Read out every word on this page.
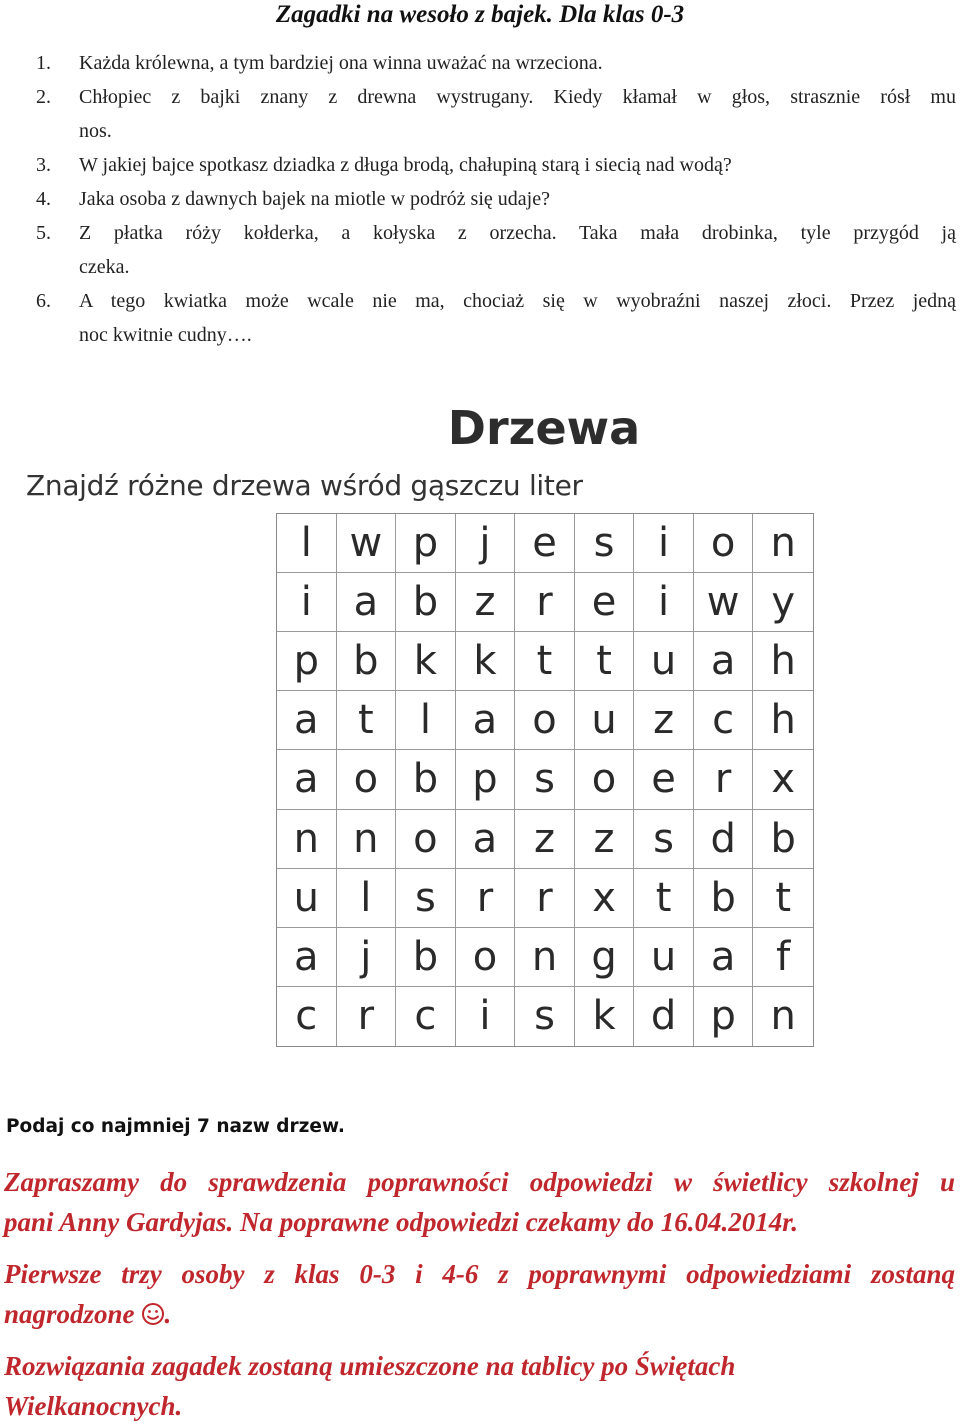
Zagadki na wesoło z bajek. Dla klas 0-3
1. Każda królewna, a tym bardziej ona winna uważać na wrzeciona.
2. Chłopiec z bajki znany z drewna wystrugany. Kiedy kłamał w głos, strasznie rósł mu
nos.
3. W jakiej bajce spotkasz dziadka z długa brodą, chałupiną starą i siecią nad wodą?
4. Jaka osoba z dawnych bajek na miotle w podróż się udaje?
5. Z płatka róży kołderka, a kołyska z orzecha. Taka mała drobinka, tyle przygód ją
czeka.
6. A tego kwiatka może wcale nie ma, chociaż się w wyobraźni naszej złoci. Przez jedną
noc kwitnie cudny….
Drzewa
Znajdź różne drzewa wśród gąszczu liter
l w p	j	e s	i	o n
i	a b z	r e	i w y
p b k k	t	t u a h
a t	l	a o u z c h
a o b p s o e r	x
n n o a z z s d b
u	l	s	r	r x t b t
a	j	b o n g u a	f
c	r	c	i	s k d p n
Podaj co najmniej 7 nazw drzew.

Zapraszamy do sprawdzenia poprawności odpowiedzi w świetlicy szkolnej u
pani Anny Gardyjas. Na poprawne odpowiedzi czekamy do 16.04.2014r.

Pierwsze trzy osoby z klas 0-3 i 4-6 z poprawnymi odpowiedziami zostaną
nagrodzone .

Rozwiązania zagadek zostaną umieszczone na tablicy po Świętach
Wielkanocnych.
